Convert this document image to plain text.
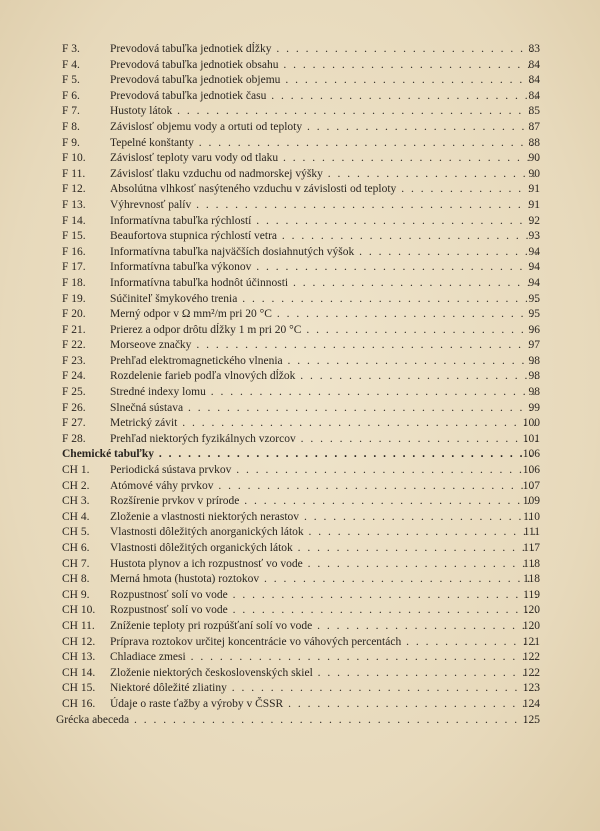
F 3.	Prevodová tabuľka jednotiek dĺžky . . .	83
F 4.	Prevodová tabuľka jednotiek obsahu . . .	84
F 5.	Prevodová tabuľka jednotiek objemu . . .	84
F 6.	Prevodová tabuľka jednotiek času . . .	84
F 7.	Hustoty látok . . .	85
F 8.	Závislosť objemu vody a ortuti od teploty . . .	87
F 9.	Tepelné konštanty . . .	88
F 10. Závislosť teploty varu vody od tlaku . . .	90
F 11. Závislosť tlaku vzduchu od nadmorskej výšky . . .	90
F 12. Absolútna vlhkosť nasýteného vzduchu v závislosti od teploty . . .	91
F 13. Výhrevnosť palív . . .	91
F 14. Informatívna tabuľka rýchlostí . . .	92
F 15. Beaufortova stupnica rýchlostí vetra . . .	93
F 16. Informatívna tabuľka najväčších dosiahnutých výšok . . .	94
F 17. Informatívna tabuľka výkonov . . .	94
F 18. Informatívna tabuľka hodnôt účinnosti . . .	94
F 19. Súčiniteľ šmykového trenia . . .	95
F 20. Merný odpor v Ω mm²/m pri 20 °C . . .	95
F 21. Prierez a odpor drôtu dĺžky 1 m pri 20 °C . . .	96
F 22. Morseove značky . . .	97
F 23. Prehľad elektromagnetického vlnenia . . .	98
F 24. Rozdelenie farieb podľa vlnových dĺžok . . .	98
F 25. Stredné indexy lomu . . .	98
F 26. Slnečná sústava . . .	99
F 27. Metrický závit . . .	100
F 28. Prehľad niektorých fyzikálnych vzorcov . . .	101
Chemické tabuľky . . .	106
CH 1. Periodická sústava prvkov . . .	106
CH 2. Atómové váhy prvkov . . .	107
CH 3. Rozšírenie prvkov v prírode . . .	109
CH 4. Zloženie a vlastnosti niektorých nerastov . . .	110
CH 5. Vlastnosti dôležitých anorganických látok . . .	111
CH 6. Vlastnosti dôležitých organických látok . . .	117
CH 7. Hustota plynov a ich rozpustnosť vo vode . . .	118
CH 8. Merná hmota (hustota) roztokov . . .	118
CH 9. Rozpustnosť solí vo vode . . .	119
CH 10. Rozpustnosť solí vo vode . . .	120
CH 11. Zníženie teploty pri rozpúšťaní solí vo vode . . .	120
CH 12. Príprava roztokov určitej koncentrácie vo váhových percentách . . .	121
CH 13. Chladiace zmesi . . .	122
CH 14. Zloženie niektorých československých skiel . . .	122
CH 15. Niektoré dôležité zliatiny . . .	123
CH 16. Údaje o raste ťažby a výroby v ČSSR . . .	124
Grécka abeceda . . .	125
